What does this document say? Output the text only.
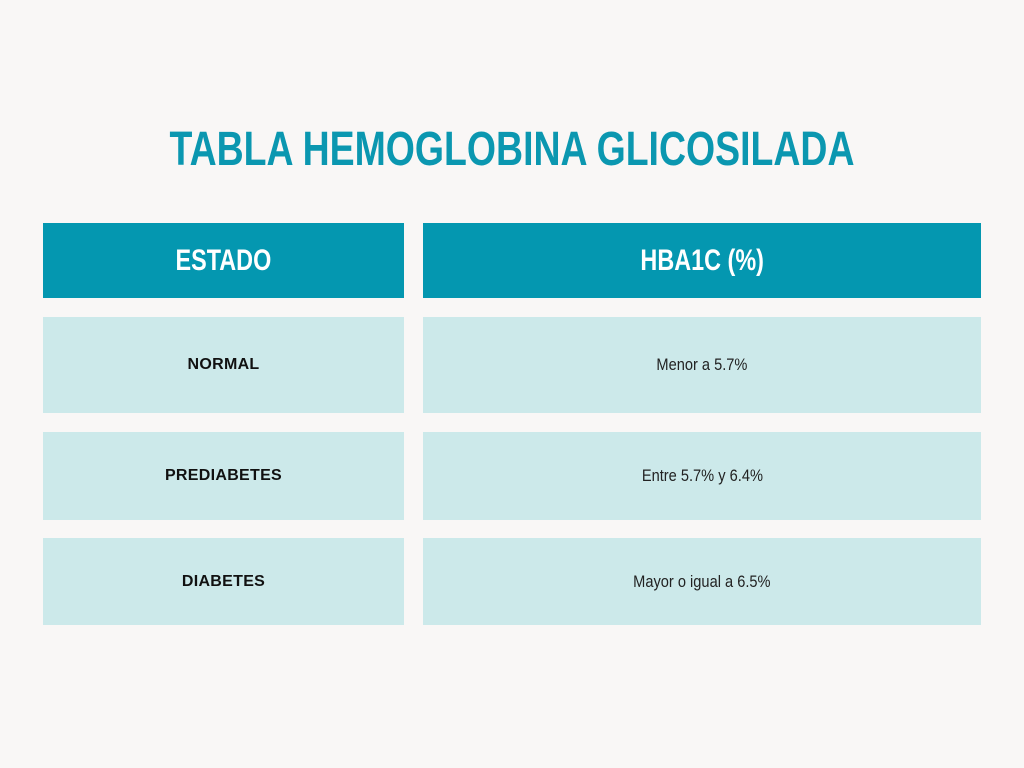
TABLA HEMOGLOBINA GLICOSILADA
ESTADO	HBA1C (%)
NORMAL	Menor a 5.7%
PREDIABETES	Entre 5.7% y 6.4%
DIABETES	Mayor o igual a 6.5%
